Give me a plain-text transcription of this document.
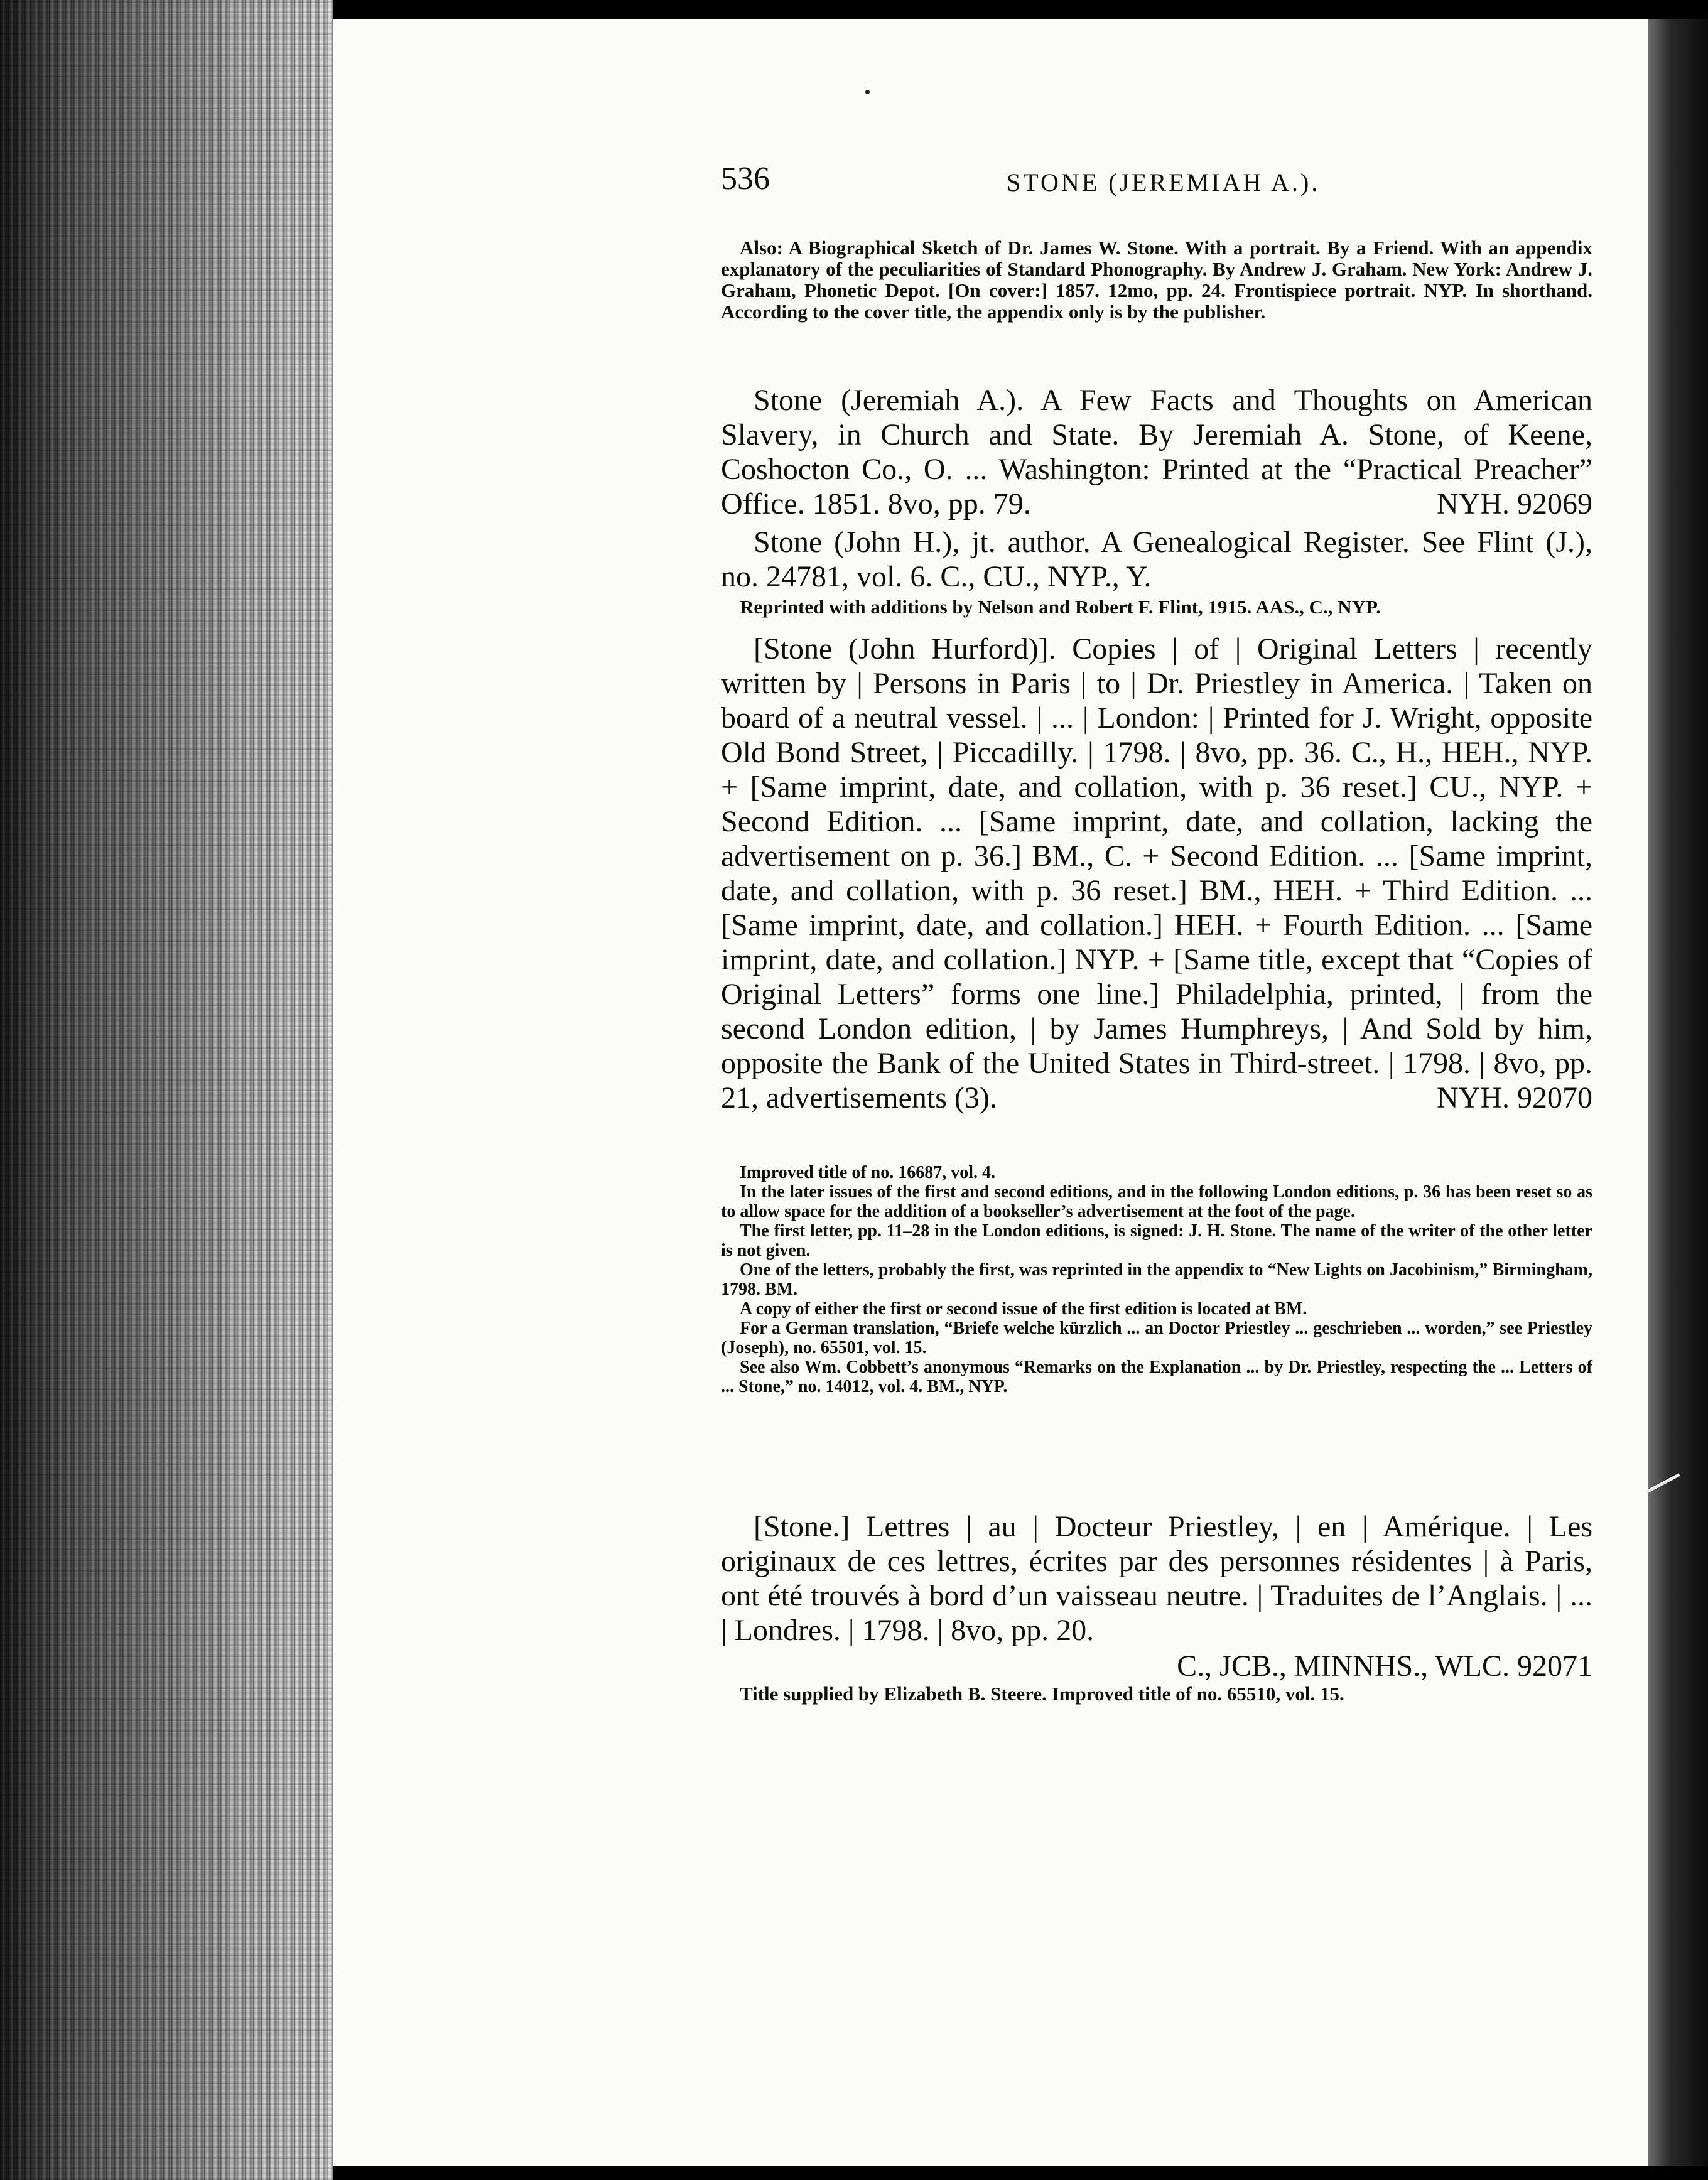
536	STONE (JEREMIAH A.).

Also: A Biographical Sketch of Dr. James W. Stone. With a portrait. By a Friend. With an appendix explanatory of the peculiarities of Standard Phonography. By Andrew J. Graham. New York: Andrew J. Graham, Phonetic Depot. [On cover:] 1857. 12mo, pp. 24. Frontispiece portrait. NYP. In shorthand. According to the cover title, the appendix only is by the publisher.

Stone (Jeremiah A.). A Few Facts and Thoughts on American Slavery, in Church and State. By Jeremiah A. Stone, of Keene, Coshocton Co., O. ... Washington: Printed at the “Practical Preacher” Office. 1851. 8vo, pp. 79.	NYH. 92069

Stone (John H.), jt. author. A Genealogical Register. See Flint (J.), no. 24781, vol. 6. C., CU., NYP., Y.

Reprinted with additions by Nelson and Robert F. Flint, 1915. AAS., C., NYP.

[Stone (John Hurford)]. Copies | of | Original Letters | recently written by | Persons in Paris | to | Dr. Priestley in America. | Taken on board of a neutral vessel. | ... | London: | Printed for J. Wright, opposite Old Bond Street, | Piccadilly. | 1798. | 8vo, pp. 36. C., H., HEH., NYP. + [Same imprint, date, and collation, with p. 36 reset.] CU., NYP. + Second Edition. ... [Same imprint, date, and collation, lacking the advertisement on p. 36.] BM., C. + Second Edition. ... [Same imprint, date, and collation, with p. 36 reset.] BM., HEH. + Third Edition. ... [Same imprint, date, and collation.] HEH. + Fourth Edition. ... [Same imprint, date, and collation.] NYP. + [Same title, except that “Copies of Original Letters” forms one line.] Philadelphia, printed, | from the second London edition, | by James Humphreys, | And Sold by him, opposite the Bank of the United States in Third-street. | 1798. | 8vo, pp. 21, advertisements (3).	NYH. 92070

Improved title of no. 16687, vol. 4.

In the later issues of the first and second editions, and in the following London editions, p. 36 has been reset so as to allow space for the addition of a bookseller’s advertisement at the foot of the page.

The first letter, pp. 11–28 in the London editions, is signed: J. H. Stone. The name of the writer of the other letter is not given.

One of the letters, probably the first, was reprinted in the appendix to “New Lights on Jacobinism,” Birmingham, 1798. BM.

A copy of either the first or second issue of the first edition is located at BM.

For a German translation, “Briefe welche kürzlich ... an Doctor Priestley ... geschrieben ... worden,” see Priestley (Joseph), no. 65501, vol. 15.

See also Wm. Cobbett’s anonymous “Remarks on the Explanation ... by Dr. Priestley, respecting the ... Letters of ... Stone,” no. 14012, vol. 4. BM., NYP.

[Stone.] Lettres | au | Docteur Priestley, | en | Amérique. | Les originaux de ces lettres, écrites par des personnes résidentes | à Paris, ont été trouvés à bord d’un vaisseau neutre. | Traduites de l’Anglais. | ... | Londres. | 1798. | 8vo, pp. 20.

C., JCB., MINNHS., WLC. 92071

Title supplied by Elizabeth B. Steere. Improved title of no. 65510, vol. 15.
